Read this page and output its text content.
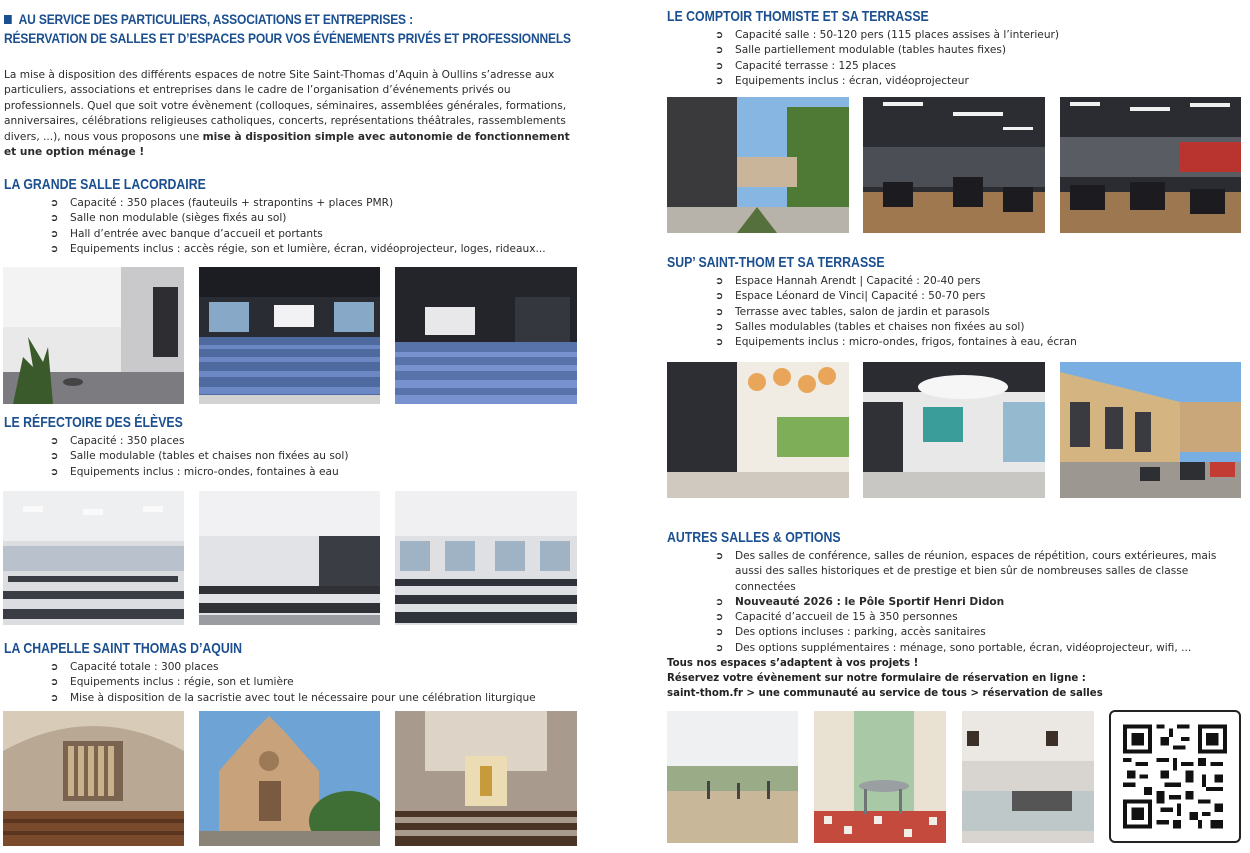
AU SERVICE DES PARTICULIERS, ASSOCIATIONS ET ENTREPRISES :
RÉSERVATION DE SALLES ET D’ESPACES POUR VOS ÉVÉNEMENTS PRIVÉS ET PROFESSIONNELS
La mise à disposition des différents espaces de notre Site Saint-Thomas d’Aquin à Oullins s’adresse aux particuliers, associations et entreprises dans le cadre de l’organisation d’événements privés ou professionnels. Quel que soit votre évènement (colloques, séminaires, assemblées générales, formations, anniversaires, célébrations religieuses catholiques, concerts, représentations théâtrales, rassemblements divers, ...), nous vous proposons une mise à disposition simple avec autonomie de fonctionnement et une option ménage !
LA GRANDE SALLE LACORDAIRE
➲ Capacité : 350 places (fauteuils + strapontins + places PMR)
➲ Salle non modulable (sièges fixés au sol)
➲ Hall d’entrée avec banque d’accueil et portants
➲ Equipements inclus : accès régie, son et lumière, écran, vidéoprojecteur, loges, rideaux...
LE RÉFECTOIRE DES ÉLÈVES
➲ Capacité : 350 places
➲ Salle modulable (tables et chaises non fixées au sol)
➲ Equipements inclus : micro-ondes, fontaines à eau
LA CHAPELLE SAINT THOMAS D’AQUIN
➲ Capacité totale : 300 places
➲ Equipements inclus : régie, son et lumière
➲ Mise à disposition de la sacristie avec tout le nécessaire pour une célébration liturgique
LE COMPTOIR THOMISTE ET SA TERRASSE
➲ Capacité salle : 50-120 pers (115 places assises à l’interieur)
➲ Salle partiellement modulable (tables hautes fixes)
➲ Capacité terrasse : 125 places
➲ Equipements inclus : écran, vidéoprojecteur
SUP’ SAINT-THOM ET SA TERRASSE
➲ Espace Hannah Arendt | Capacité : 20-40 pers
➲ Espace Léonard de Vinci| Capacité : 50-70 pers
➲ Terrasse avec tables, salon de jardin et parasols
➲ Salles modulables (tables et chaises non fixées au sol)
➲ Equipements inclus : micro-ondes, frigos, fontaines à eau, écran
AUTRES SALLES & OPTIONS
➲ Des salles de conférence, salles de réunion, espaces de répétition, cours extérieures, mais aussi des salles historiques et de prestige et bien sûr de nombreuses salles de classe connectées
➲ Nouveauté 2026 : le Pôle Sportif Henri Didon
➲ Capacité d’accueil de 15 à 350 personnes
➲ Des options incluses : parking, accès sanitaires
➲ Des options supplémentaires : ménage, sono portable, écran, vidéoprojecteur, wifi, ...
Tous nos espaces s’adaptent à vos projets !
Réservez votre évènement sur notre formulaire de réservation en ligne :
saint-thom.fr > une communauté au service de tous > réservation de salles
